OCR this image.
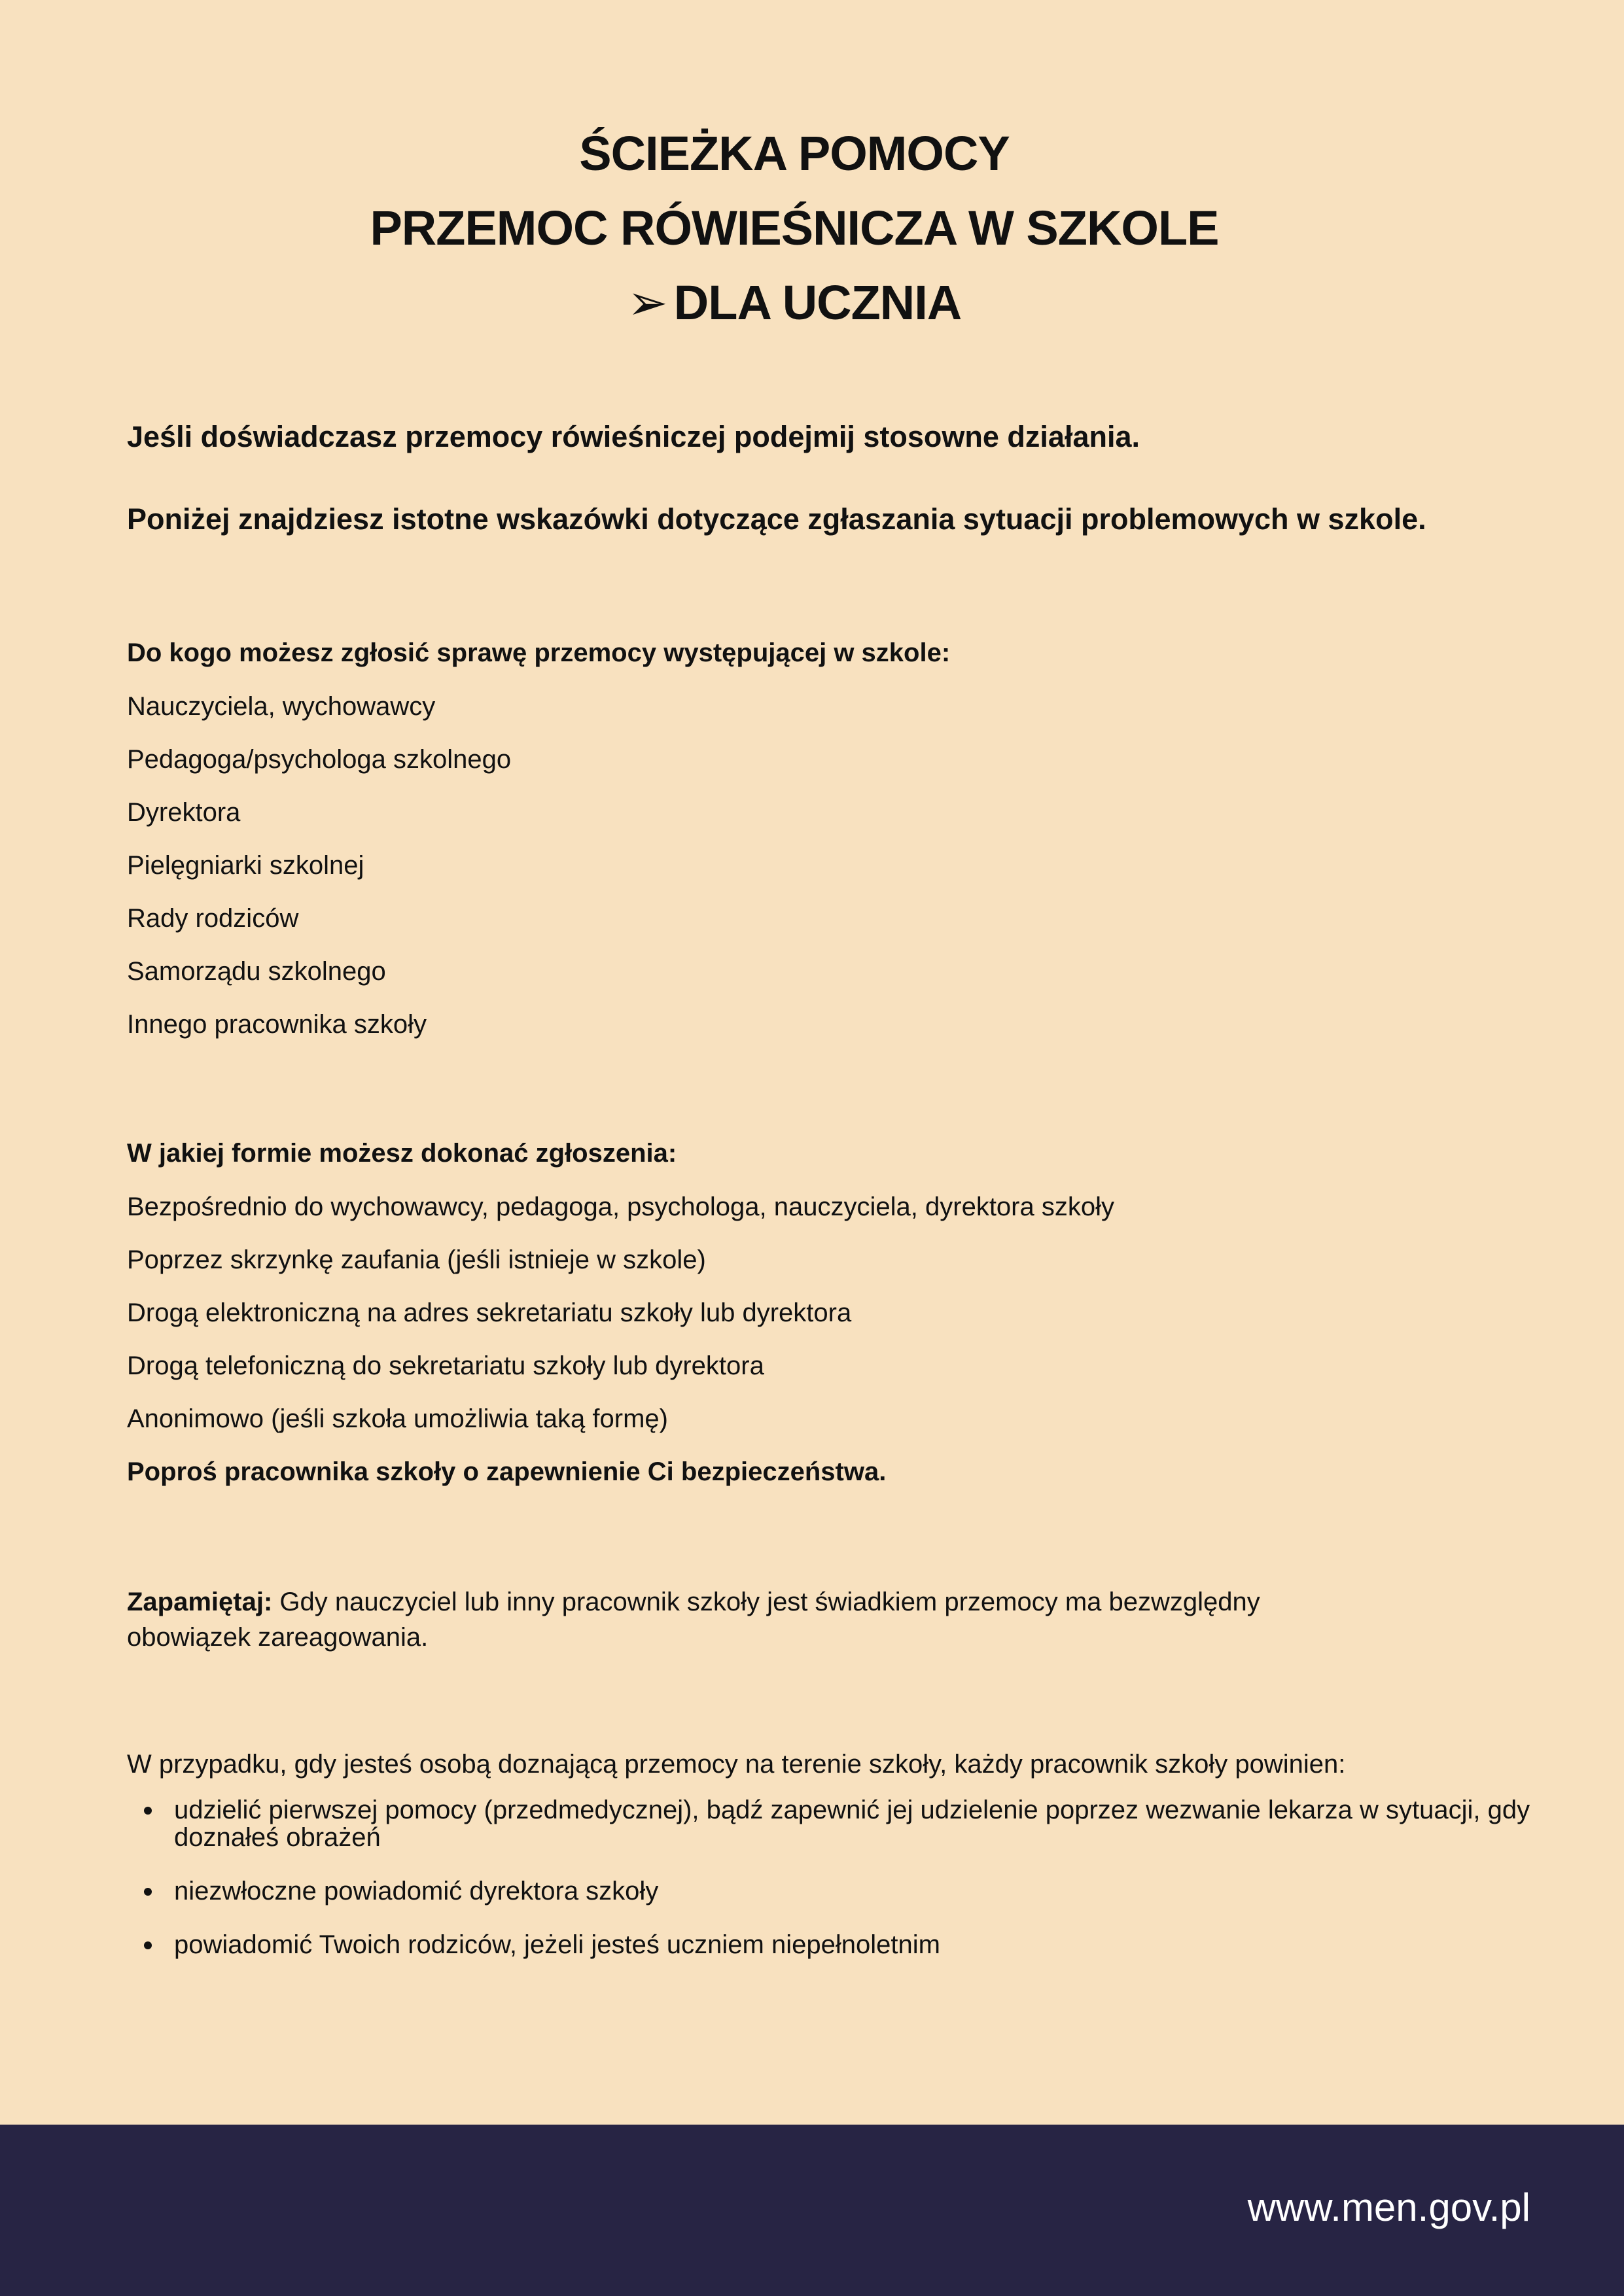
ŚCIEŻKA POMOCY
PRZEMOC RÓWIEŚNICZA W SZKOLE
➢ DLA UCZNIA
Jeśli doświadczasz przemocy rówieśniczej podejmij stosowne działania.
Poniżej znajdziesz istotne wskazówki dotyczące zgłaszania sytuacji problemowych w szkole.
Do kogo możesz zgłosić sprawę przemocy występującej w szkole:
Nauczyciela, wychowawcy
Pedagoga/psychologa szkolnego
Dyrektora
Pielęgniarki szkolnej
Rady rodziców
Samorządu szkolnego
Innego pracownika szkoły
W jakiej formie możesz dokonać zgłoszenia:
Bezpośrednio do wychowawcy, pedagoga, psychologa, nauczyciela, dyrektora szkoły
Poprzez skrzynkę zaufania (jeśli istnieje w szkole)
Drogą elektroniczną na adres sekretariatu szkoły lub dyrektora
Drogą telefoniczną do sekretariatu szkoły lub dyrektora
Anonimowo (jeśli szkoła umożliwia taką formę)
Poproś pracownika szkoły o zapewnienie Ci bezpieczeństwa.
Zapamiętaj: Gdy nauczyciel lub inny pracownik szkoły jest świadkiem przemocy ma bezwzględny obowiązek zareagowania.
W przypadku, gdy jesteś osobą doznającą przemocy na terenie szkoły, każdy pracownik szkoły powinien:
udzielić pierwszej pomocy (przedmedycznej), bądź zapewnić jej udzielenie poprzez wezwanie lekarza w sytuacji, gdy doznałeś obrażeń
niezwłoczne powiadomić dyrektora szkoły
powiadomić Twoich rodziców, jeżeli jesteś uczniem niepełnoletnim
www.men.gov.pl
